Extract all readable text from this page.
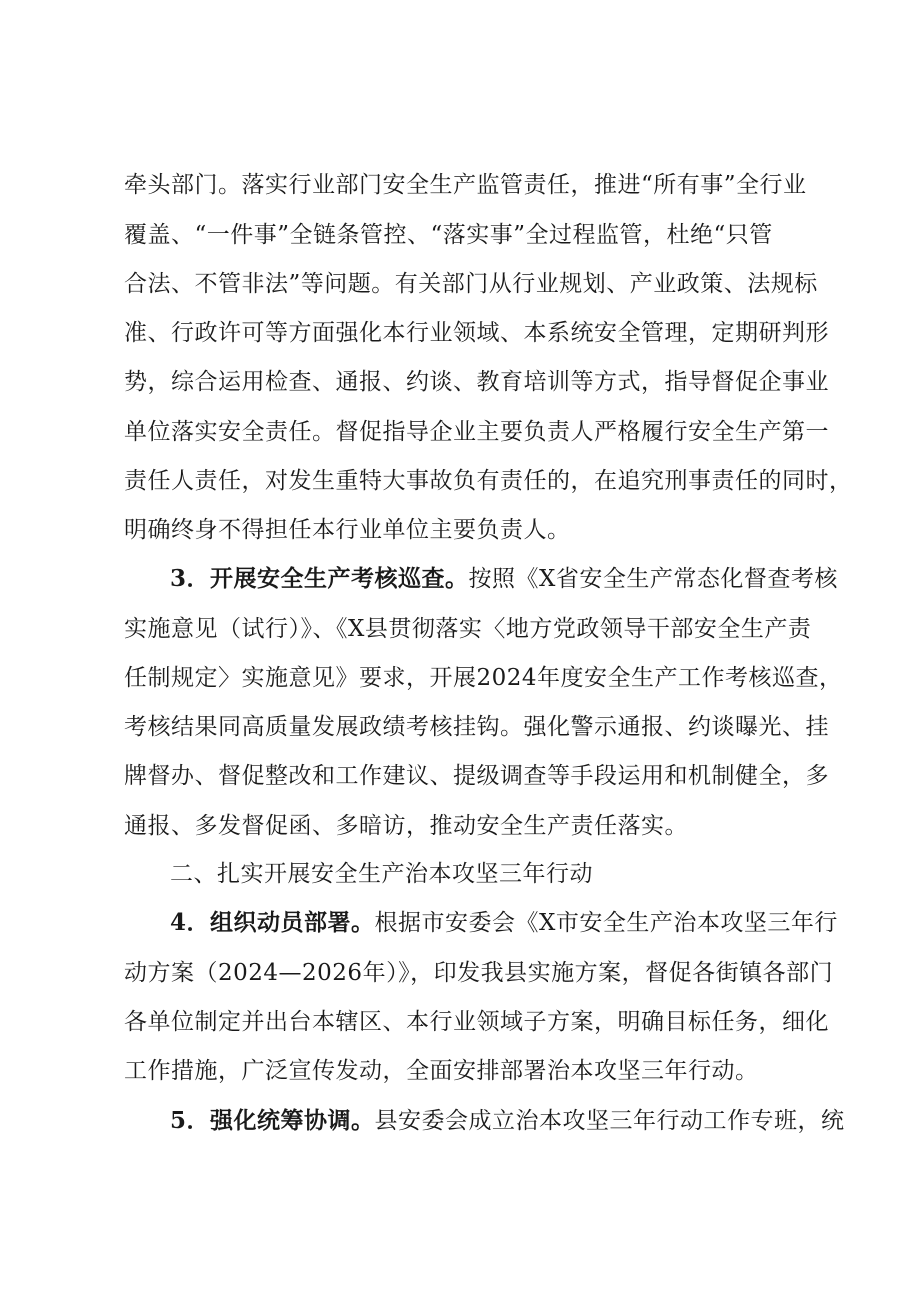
牵头部门。落实行业部门安全生产监管责任，推进“所有事”全行业
覆盖、“一件事”全链条管控、“落实事”全过程监管，杜绝“只管
合法、不管非法”等问题。有关部门从行业规划、产业政策、法规标
准、行政许可等方面强化本行业领域、本系统安全管理，定期研判形
势，综合运用检查、通报、约谈、教育培训等方式，指导督促企事业
单位落实安全责任。督促指导企业主要负责人严格履行安全生产第一
责任人责任，对发生重特大事故负有责任的，在追究刑事责任的同时，
明确终身不得担任本行业单位主要负责人。
3．开展安全生产考核巡查。按照《X省安全生产常态化督查考核
实施意见（试行）》、《X县贯彻落实〈地方党政领导干部安全生产责
任制规定〉实施意见》要求，开展2024年度安全生产工作考核巡查，
考核结果同高质量发展政绩考核挂钩。强化警示通报、约谈曝光、挂
牌督办、督促整改和工作建议、提级调查等手段运用和机制健全，多
通报、多发督促函、多暗访，推动安全生产责任落实。
二、扎实开展安全生产治本攻坚三年行动
4．组织动员部署。根据市安委会《X市安全生产治本攻坚三年行
动方案（2024—2026年）》，印发我县实施方案，督促各街镇各部门
各单位制定并出台本辖区、本行业领域子方案，明确目标任务，细化
工作措施，广泛宣传发动，全面安排部署治本攻坚三年行动。
5．强化统筹协调。县安委会成立治本攻坚三年行动工作专班，统
